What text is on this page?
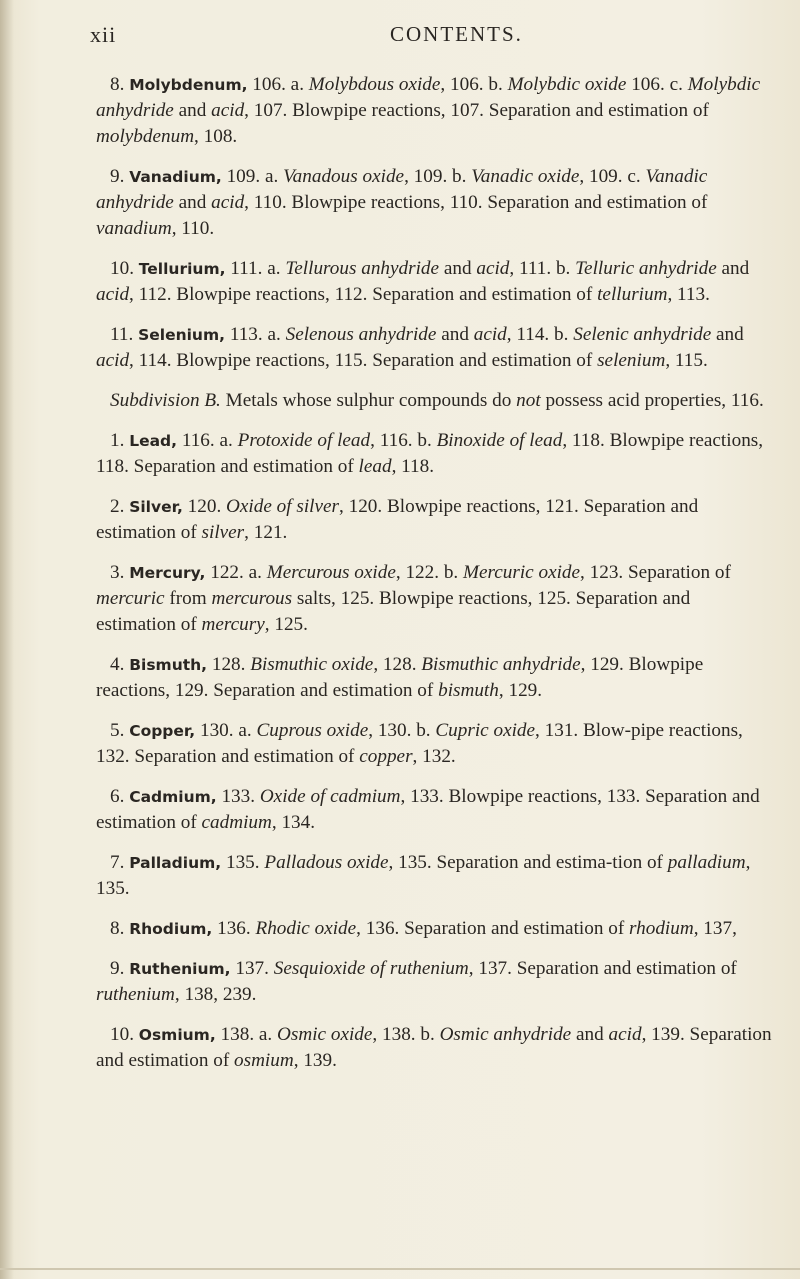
xii	CONTENTS.

8. Molybdenum, 106. a. Molybdous oxide, 106. b. Molybdic oxide 106. c. Molybdic anhydride and acid, 107. Blowpipe reactions, 107. Separation and estimation of molybdenum, 108.

9. Vanadium, 109. a. Vanadous oxide, 109. b. Vanadic oxide, 109. c. Vanadic anhydride and acid, 110. Blowpipe reactions, 110. Separation and estimation of vanadium, 110.

10. Tellurium, 111. a. Tellurous anhydride and acid, 111. b. Telluric anhydride and acid, 112. Blowpipe reactions, 112. Separation and estimation of tellurium, 113.

11. Selenium, 113. a. Selenous anhydride and acid, 114. b. Selenic anhydride and acid, 114. Blowpipe reactions, 115. Separation and estimation of selenium, 115.

Subdivision B. Metals whose sulphur compounds do not possess acid properties, 116.

1. Lead, 116. a. Protoxide of lead, 116. b. Binoxide of lead, 118. Blowpipe reactions, 118. Separation and estimation of lead, 118.

2. Silver, 120. Oxide of silver, 120. Blowpipe reactions, 121. Separation and estimation of silver, 121.

3. Mercury, 122. a. Mercurous oxide, 122. b. Mercuric oxide, 123. Separation of mercuric from mercurous salts, 125. Blowpipe reactions, 125. Separation and estimation of mercury, 125.

4. Bismuth, 128. Bismuthic oxide, 128. Bismuthic anhydride, 129. Blowpipe reactions, 129. Separation and estimation of bismuth, 129.

5. Copper, 130. a. Cuprous oxide, 130. b. Cupric oxide, 131. Blow-pipe reactions, 132. Separation and estimation of copper, 132.

6. Cadmium, 133. Oxide of cadmium, 133. Blowpipe reactions, 133. Separation and estimation of cadmium, 134.

7. Palladium, 135. Palladous oxide, 135. Separation and estima-tion of palladium, 135.

8. Rhodium, 136. Rhodic oxide, 136. Separation and estimation of rhodium, 137,

9. Ruthenium, 137. Sesquioxide of ruthenium, 137. Separation and estimation of ruthenium, 138, 239.

10. Osmium, 138. a. Osmic oxide, 138. b. Osmic anhydride and acid, 139. Separation and estimation of osmium, 139.
